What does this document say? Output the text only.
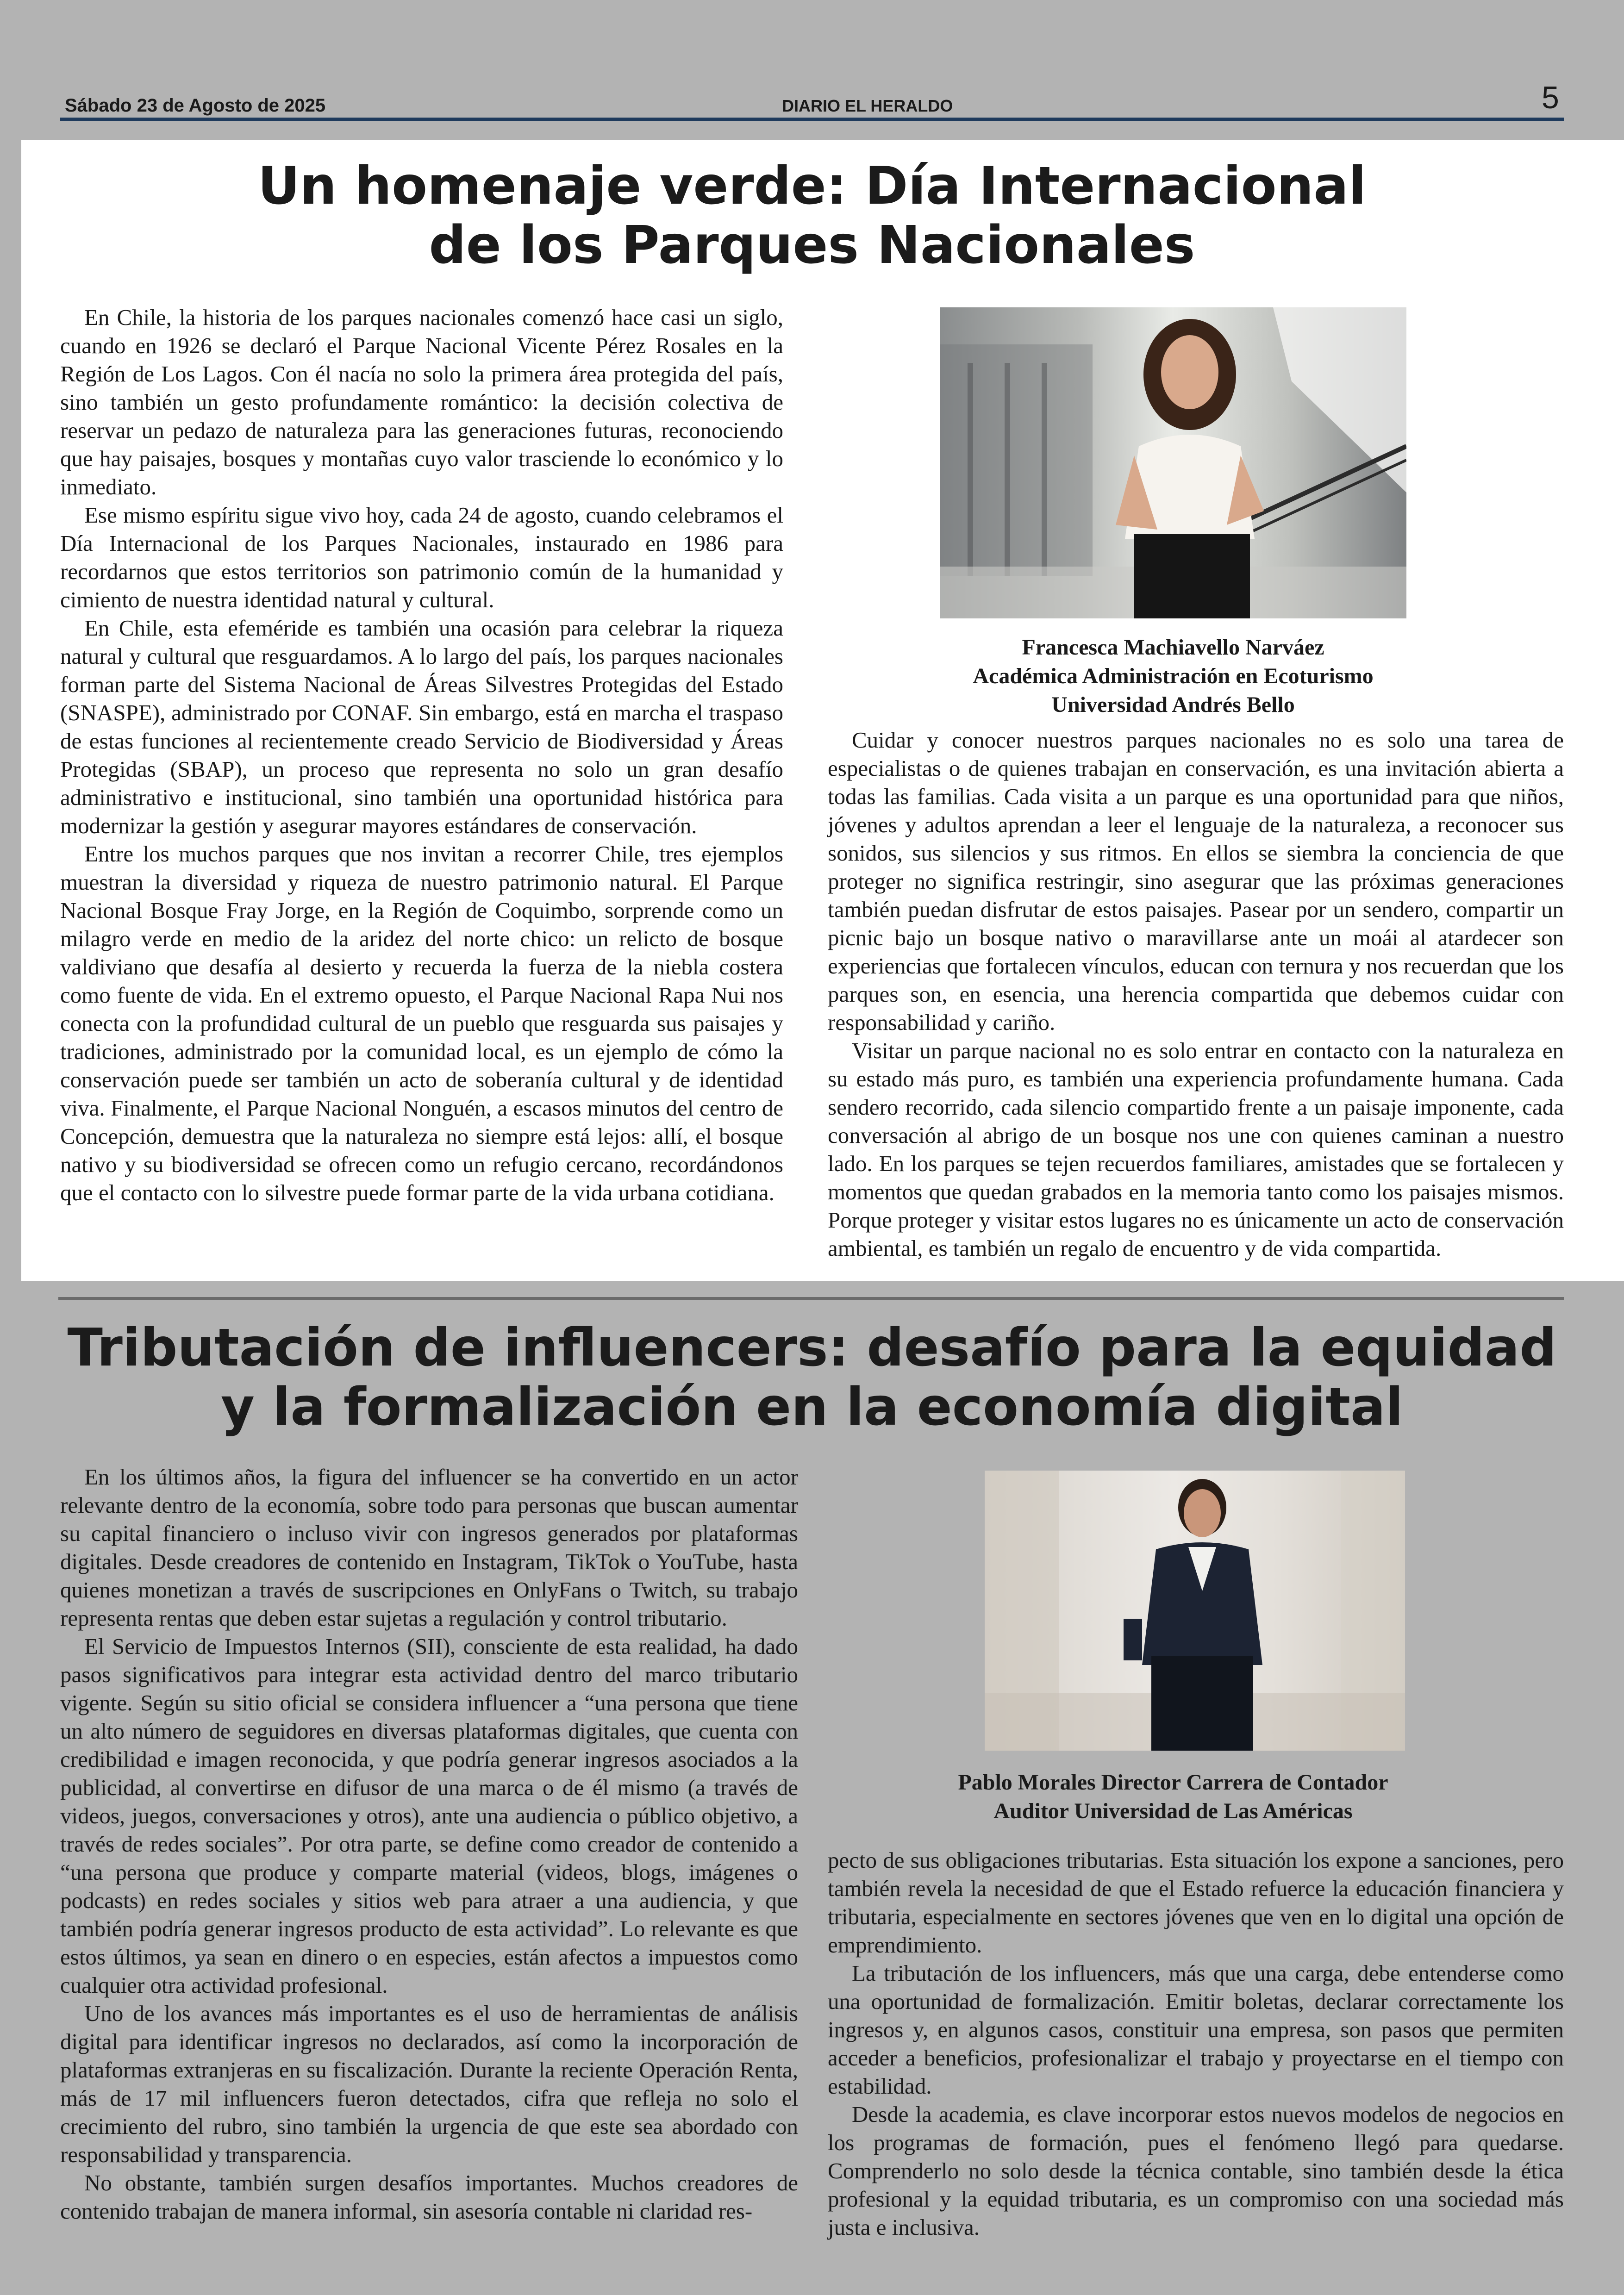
Sábado 23 de Agosto de 2025	DIARIO EL HERALDO	5
Un homenaje verde: Día Internacional
de los Parques Nacionales

En Chile, la historia de los parques nacionales comenzó hace casi un siglo, cuando en 1926 se declaró el Parque Nacional Vicente Pérez Rosales en la Región de Los Lagos. Con él nacía no solo la primera área protegida del país, sino también un gesto profundamente romántico: la decisión colectiva de reservar un pedazo de naturaleza para las generaciones futuras, reconociendo que hay paisajes, bosques y montañas cuyo valor trasciende lo económico y lo inmediato.

Ese mismo espíritu sigue vivo hoy, cada 24 de agosto, cuando celebramos el Día Internacional de los Parques Nacionales, instaurado en 1986 para recordarnos que estos territorios son patrimonio común de la humanidad y cimiento de nuestra identidad natural y cultural.

En Chile, esta efeméride es también una ocasión para celebrar la riqueza natural y cultural que resguardamos. A lo largo del país, los parques nacionales forman parte del Sistema Nacional de Áreas Silvestres Protegidas del Estado (SNASPE), administrado por CONAF. Sin embargo, está en marcha el traspaso de estas funciones al recientemente creado Servicio de Biodiversidad y Áreas Protegidas (SBAP), un proceso que representa no solo un gran desafío administrativo e institucional, sino también una oportunidad histórica para modernizar la gestión y asegurar mayores estándares de conservación.

Entre los muchos parques que nos invitan a recorrer Chile, tres ejemplos muestran la diversidad y riqueza de nuestro patrimonio natural. El Parque Nacional Bosque Fray Jorge, en la Región de Coquimbo, sorprende como un milagro verde en medio de la aridez del norte chico: un relicto de bosque valdiviano que desafía al desierto y recuerda la fuerza de la niebla costera como fuente de vida. En el extremo opuesto, el Parque Nacional Rapa Nui nos conecta con la profundidad cultural de un pueblo que resguarda sus paisajes y tradiciones, administrado por la comunidad local, es un ejemplo de cómo la conservación puede ser también un acto de soberanía cultural y de identidad viva. Finalmente, el Parque Nacional Nonguén, a escasos minutos del centro de Concepción, demuestra que la naturaleza no siempre está lejos: allí, el bosque nativo y su biodiversidad se ofrecen como un refugio cercano, recordándonos que el contacto con lo silvestre puede formar parte de la vida urbana cotidiana.

Francesca Machiavello Narváez
Académica Administración en Ecoturismo
Universidad Andrés Bello

Cuidar y conocer nuestros parques nacionales no es solo una tarea de especialistas o de quienes trabajan en conservación, es una invitación abierta a todas las familias. Cada visita a un parque es una oportunidad para que niños, jóvenes y adultos aprendan a leer el lenguaje de la naturaleza, a reconocer sus sonidos, sus silencios y sus ritmos. En ellos se siembra la conciencia de que proteger no significa restringir, sino asegurar que las próximas generaciones también puedan disfrutar de estos paisajes. Pasear por un sendero, compartir un picnic bajo un bosque nativo o maravillarse ante un moái al atardecer son experiencias que fortalecen vínculos, educan con ternura y nos recuerdan que los parques son, en esencia, una herencia compartida que debemos cuidar con responsabilidad y cariño.

Visitar un parque nacional no es solo entrar en contacto con la naturaleza en su estado más puro, es también una experiencia profundamente humana. Cada sendero recorrido, cada silencio compartido frente a un paisaje imponente, cada conversación al abrigo de un bosque nos une con quienes caminan a nuestro lado. En los parques se tejen recuerdos familiares, amistades que se fortalecen y momentos que quedan grabados en la memoria tanto como los paisajes mismos. Porque proteger y visitar estos lugares no es únicamente un acto de conservación ambiental, es también un regalo de encuentro y de vida compartida.

Tributación de influencers: desafío para la equidad
y la formalización en la economía digital

En los últimos años, la figura del influencer se ha convertido en un actor relevante dentro de la economía, sobre todo para personas que buscan aumentar su capital financiero o incluso vivir con ingresos generados por plataformas digitales. Desde creadores de contenido en Instagram, TikTok o YouTube, hasta quienes monetizan a través de suscripciones en OnlyFans o Twitch, su trabajo representa rentas que deben estar sujetas a regulación y control tributario.

El Servicio de Impuestos Internos (SII), consciente de esta realidad, ha dado pasos significativos para integrar esta actividad dentro del marco tributario vigente. Según su sitio oficial se considera influencer a “una persona que tiene un alto número de seguidores en diversas plataformas digitales, que cuenta con credibilidad e imagen reconocida, y que podría generar ingresos asociados a la publicidad, al convertirse en difusor de una marca o de él mismo (a través de videos, juegos, conversaciones y otros), ante una audiencia o público objetivo, a través de redes sociales”. Por otra parte, se define como creador de contenido a “una persona que produce y comparte material (videos, blogs, imágenes o podcasts) en redes sociales y sitios web para atraer a una audiencia, y que también podría generar ingresos producto de esta actividad”. Lo relevante es que estos últimos, ya sean en dinero o en especies, están afectos a impuestos como cualquier otra actividad profesional.

Uno de los avances más importantes es el uso de herramientas de análisis digital para identificar ingresos no declarados, así como la incorporación de plataformas extranjeras en su fiscalización. Durante la reciente Operación Renta, más de 17 mil influencers fueron detectados, cifra que refleja no solo el crecimiento del rubro, sino también la urgencia de que este sea abordado con responsabilidad y transparencia.

No obstante, también surgen desafíos importantes. Muchos creadores de contenido trabajan de manera informal, sin asesoría contable ni claridad res-

Pablo Morales Director Carrera de Contador
Auditor Universidad de Las Américas

pecto de sus obligaciones tributarias. Esta situación los expone a sanciones, pero también revela la necesidad de que el Estado refuerce la educación financiera y tributaria, especialmente en sectores jóvenes que ven en lo digital una opción de emprendimiento.

La tributación de los influencers, más que una carga, debe entenderse como una oportunidad de formalización. Emitir boletas, declarar correctamente los ingresos y, en algunos casos, constituir una empresa, son pasos que permiten acceder a beneficios, profesionalizar el trabajo y proyectarse en el tiempo con estabilidad.

Desde la academia, es clave incorporar estos nuevos modelos de negocios en los programas de formación, pues el fenómeno llegó para quedarse. Comprenderlo no solo desde la técnica contable, sino también desde la ética profesional y la equidad tributaria, es un compromiso con una sociedad más justa e inclusiva.
